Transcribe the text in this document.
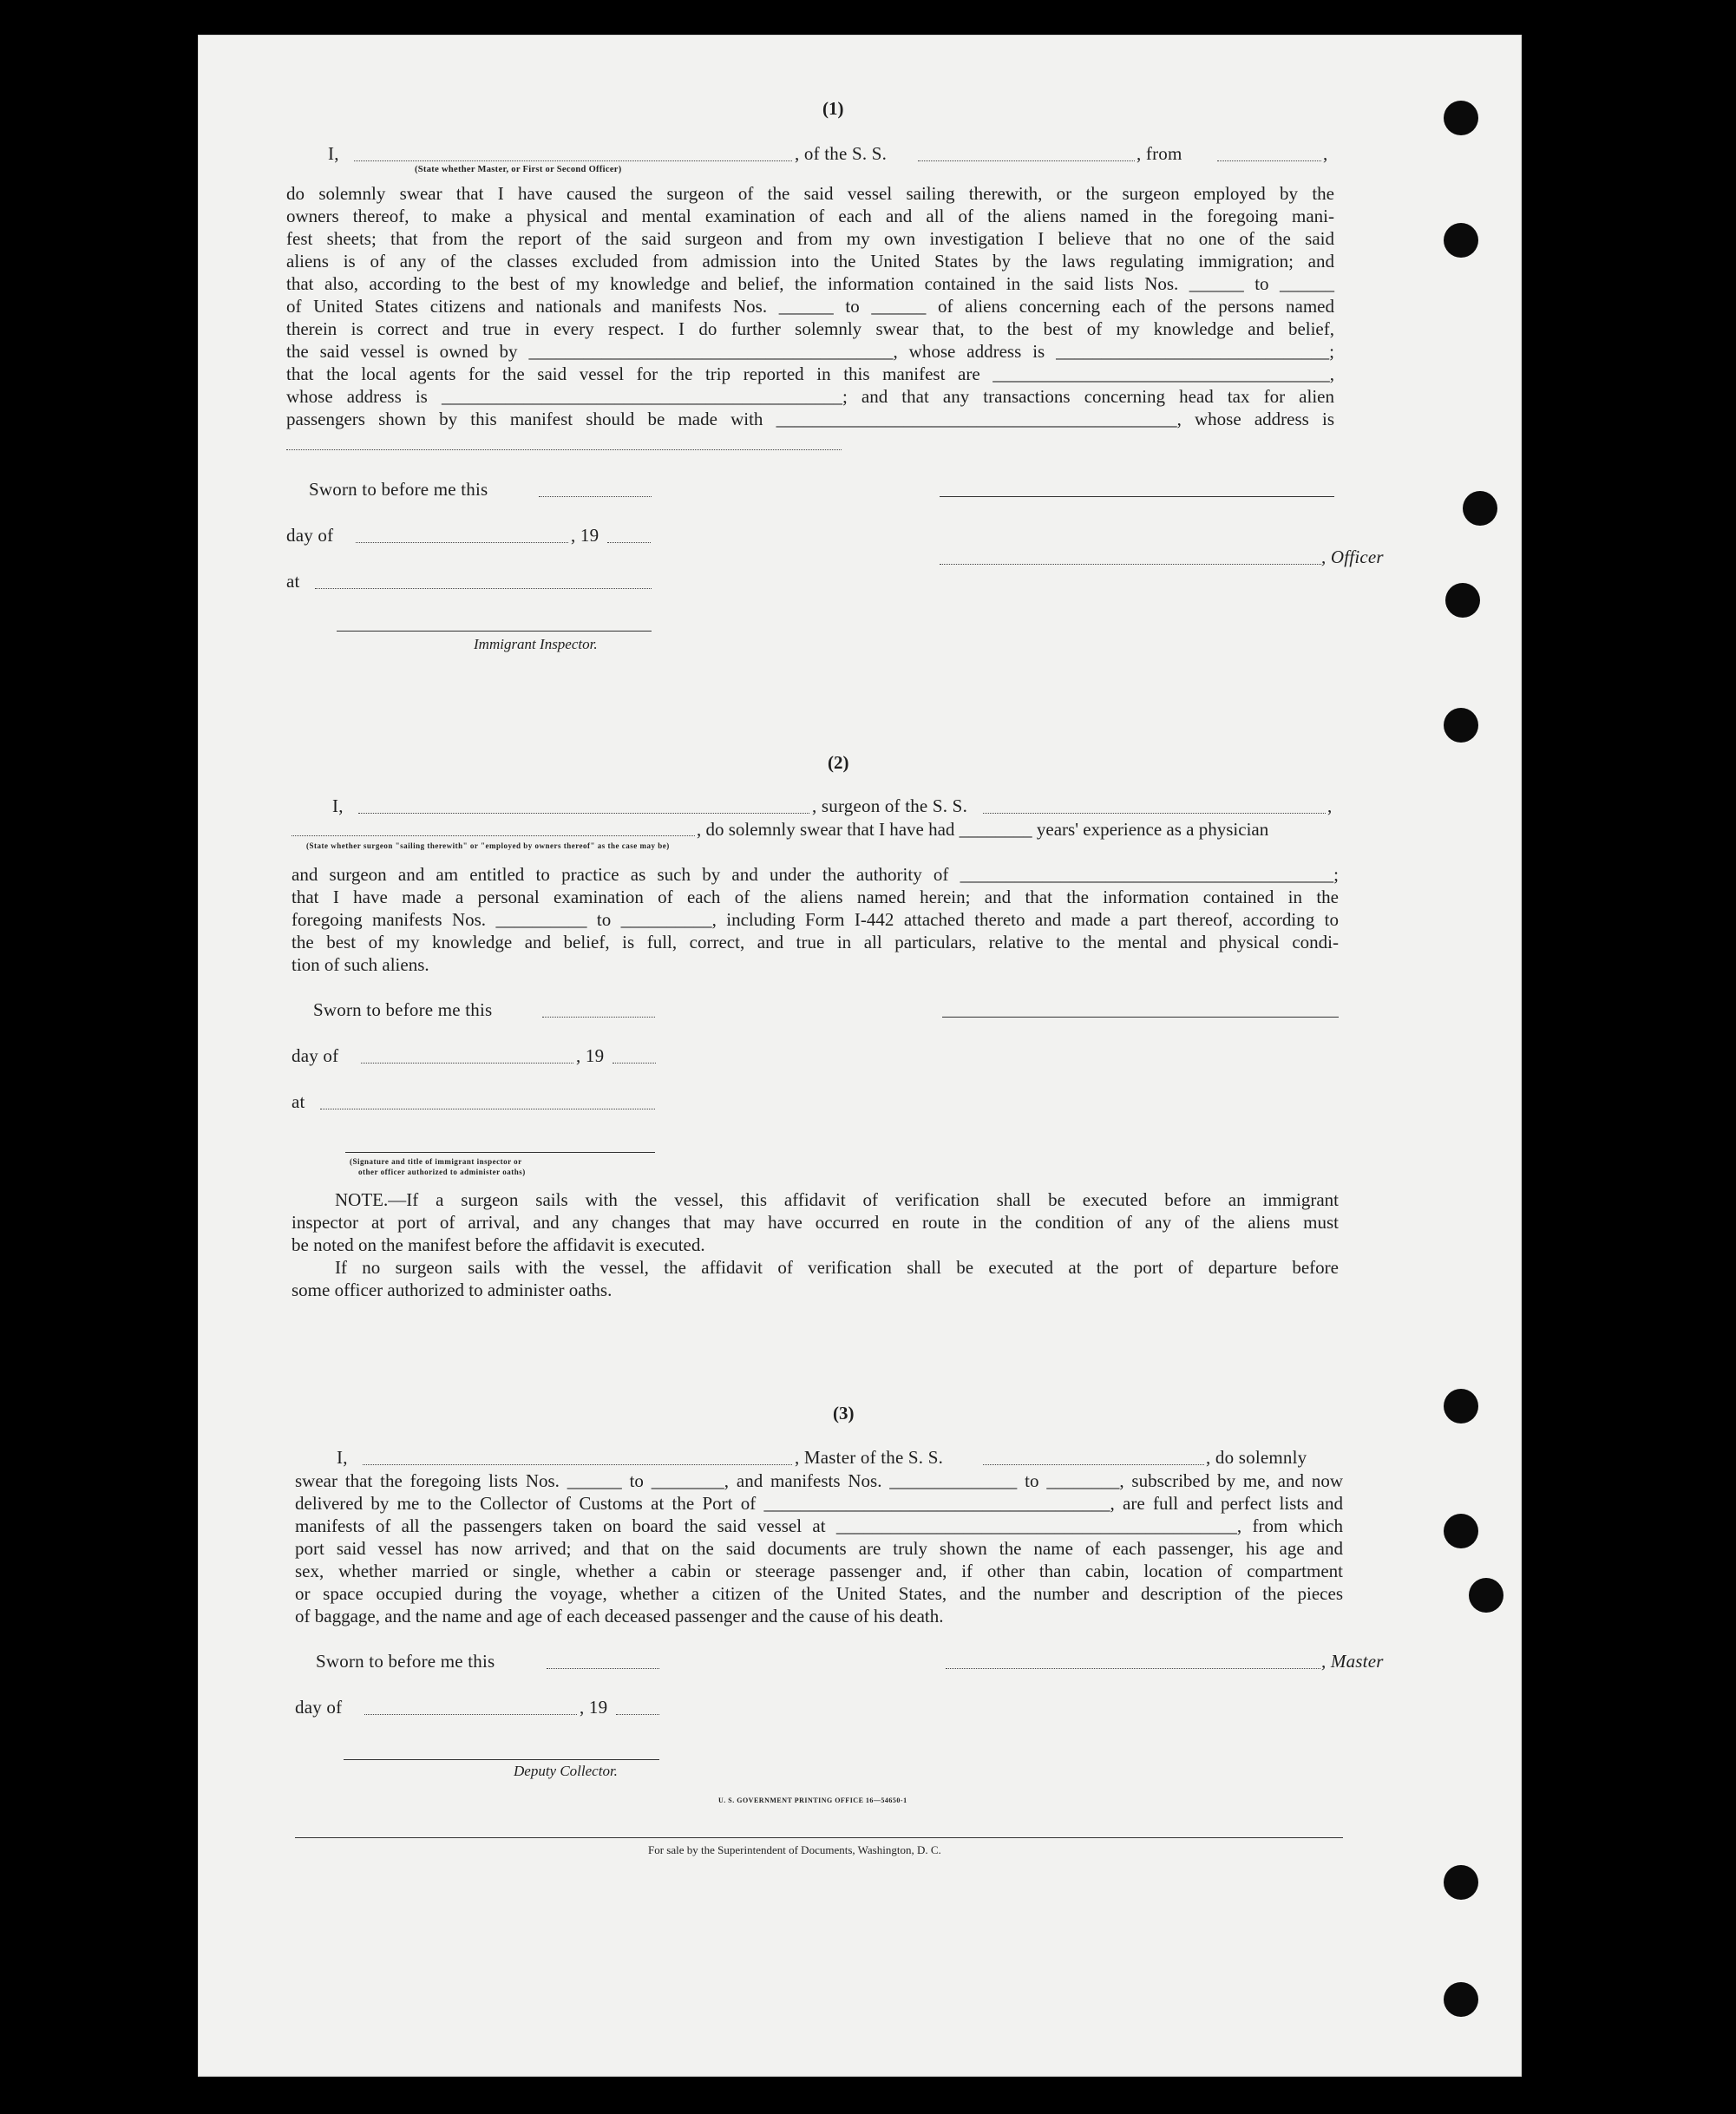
(1)
I,	, of the S. S.	, from	,
(State whether Master, or First or Second Officer)
do solemnly swear that I have caused the surgeon of the said vessel sailing therewith, or the surgeon employed by the
owners thereof, to make a physical and mental examination of each and all of the aliens named in the foregoing mani-
fest sheets; that from the report of the said surgeon and from my own investigation I believe that no one of the said
aliens is of any of the classes excluded from admission into the United States by the laws regulating immigration; and
that also, according to the best of my knowledge and belief, the information contained in the said lists Nos. ______ to ______
of United States citizens and nationals and manifests Nos. ______ to ______ of aliens concerning each of the persons named
therein is correct and true in every respect. I do further solemnly swear that, to the best of my knowledge and belief,
the said vessel is owned by ________________________________________, whose address is ______________________________;
that the local agents for the said vessel for the trip reported in this manifest are _____________________________________,
whose address is ____________________________________________; and that any transactions concerning head tax for alien
passengers shown by this manifest should be made with ____________________________________________, whose address is
Sworn to before me this
day of	, 19
, Officer
at
Immigrant Inspector.
(2)
I,	, surgeon of the S. S.	,
, do solemnly swear that I have had ________ years' experience as a physician
(State whether surgeon "sailing therewith" or "employed by owners thereof" as the case may be)
and surgeon and am entitled to practice as such by and under the authority of _________________________________________;
that I have made a personal examination of each of the aliens named herein; and that the information contained in the
foregoing manifests Nos. __________ to __________, including Form I-442 attached thereto and made a part thereof, according to
the best of my knowledge and belief, is full, correct, and true in all particulars, relative to the mental and physical condi-
tion of such aliens.
Sworn to before me this
day of	, 19
at
(Signature and title of immigrant inspector or
other officer authorized to administer oaths)
NOTE.—If a surgeon sails with the vessel, this affidavit of verification shall be executed before an immigrant
inspector at port of arrival, and any changes that may have occurred en route in the condition of any of the aliens must
be noted on the manifest before the affidavit is executed.
If no surgeon sails with the vessel, the affidavit of verification shall be executed at the port of departure before
some officer authorized to administer oaths.
(3)
I,	, Master of the S. S.	, do solemnly
swear that the foregoing lists Nos. ______ to ________, and manifests Nos. ______________ to ________, subscribed by me, and now
delivered by me to the Collector of Customs at the Port of ______________________________________, are full and perfect lists and
manifests of all the passengers taken on board the said vessel at ____________________________________________, from which
port said vessel has now arrived; and that on the said documents are truly shown the name of each passenger, his age and
sex, whether married or single, whether a cabin or steerage passenger and, if other than cabin, location of compartment
or space occupied during the voyage, whether a citizen of the United States, and the number and description of the pieces
of baggage, and the name and age of each deceased passenger and the cause of his death.
Sworn to before me this	, Master
day of	, 19
Deputy Collector.
U. S. GOVERNMENT PRINTING OFFICE 16—54650-1
For sale by the Superintendent of Documents, Washington, D. C.
